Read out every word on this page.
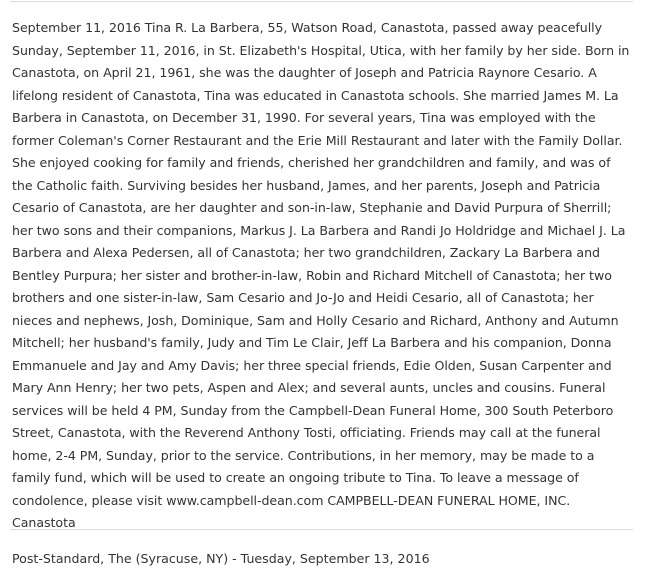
September 11, 2016 Tina R. La Barbera, 55, Watson Road, Canastota, passed away peacefully Sunday, September 11, 2016, in St. Elizabeth's Hospital, Utica, with her family by her side. Born in Canastota, on April 21, 1961, she was the daughter of Joseph and Patricia Raynore Cesario. A lifelong resident of Canastota, Tina was educated in Canastota schools. She married James M. La Barbera in Canastota, on December 31, 1990. For several years, Tina was employed with the former Coleman's Corner Restaurant and the Erie Mill Restaurant and later with the Family Dollar. She enjoyed cooking for family and friends, cherished her grandchildren and family, and was of the Catholic faith. Surviving besides her husband, James, and her parents, Joseph and Patricia Cesario of Canastota, are her daughter and son-in-law, Stephanie and David Purpura of Sherrill; her two sons and their companions, Markus J. La Barbera and Randi Jo Holdridge and Michael J. La Barbera and Alexa Pedersen, all of Canastota; her two grandchildren, Zackary La Barbera and Bentley Purpura; her sister and brother-in-law, Robin and Richard Mitchell of Canastota; her two brothers and one sister-in-law, Sam Cesario and Jo-Jo and Heidi Cesario, all of Canastota; her nieces and nephews, Josh, Dominique, Sam and Holly Cesario and Richard, Anthony and Autumn Mitchell; her husband's family, Judy and Tim Le Clair, Jeff La Barbera and his companion, Donna Emmanuele and Jay and Amy Davis; her three special friends, Edie Olden, Susan Carpenter and Mary Ann Henry; her two pets, Aspen and Alex; and several aunts, uncles and cousins. Funeral services will be held 4 PM, Sunday from the Campbell-Dean Funeral Home, 300 South Peterboro Street, Canastota, with the Reverend Anthony Tosti, officiating. Friends may call at the funeral home, 2-4 PM, Sunday, prior to the service. Contributions, in her memory, may be made to a family fund, which will be used to create an ongoing tribute to Tina. To leave a message of condolence, please visit www.campbell-dean.com CAMPBELL-DEAN FUNERAL HOME, INC. Canastota

Post-Standard, The (Syracuse, NY) - Tuesday, September 13, 2016
